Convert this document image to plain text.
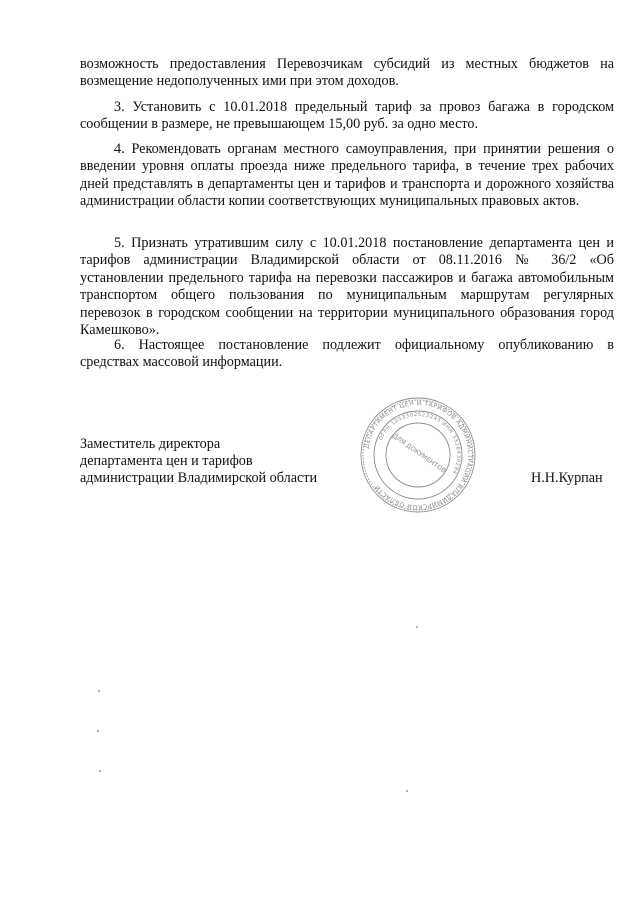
возможность предоставления Перевозчикам субсидий из местных бюджетов на возмещение недополученных ими при этом доходов.

3. Установить с 10.01.2018 предельный тариф за провоз багажа в городском сообщении в размере, не превышающем 15,00 руб. за одно место.

4. Рекомендовать органам местного самоуправления, при принятии решения о введении уровня оплаты проезда ниже предельного тарифа, в течение трех рабочих дней представлять в департаменты цен и тарифов и транспорта и дорожного хозяйства администрации области копии соответствующих муниципальных правовых актов.

5. Признать утратившим силу с 10.01.2018 постановление департамента цен и тарифов администрации Владимирской области от 08.11.2016 № 36/2 «Об установлении предельного тарифа на перевозки пассажиров и багажа автомобильным транспортом общего пользования по муниципальным маршрутам регулярных перевозок в городском сообщении на территории муниципального образования город Камешково».

6. Настоящее постановление подлежит официальному опубликованию в средствах массовой информации.

Заместитель директора
департамента цен и тарифов
администрации Владимирской области	Н.Н.Курпан
ДЕПАРТАМЕНТ ЦЕН И ТАРИФОВ АДМИНИСТРАЦИИ ВЛАДИМИРСКОЙ ОБЛАСТИ
ОГРН 1053302523245 ИНН 3328430294
ДЛЯ ДОКУМЕНТОВ
